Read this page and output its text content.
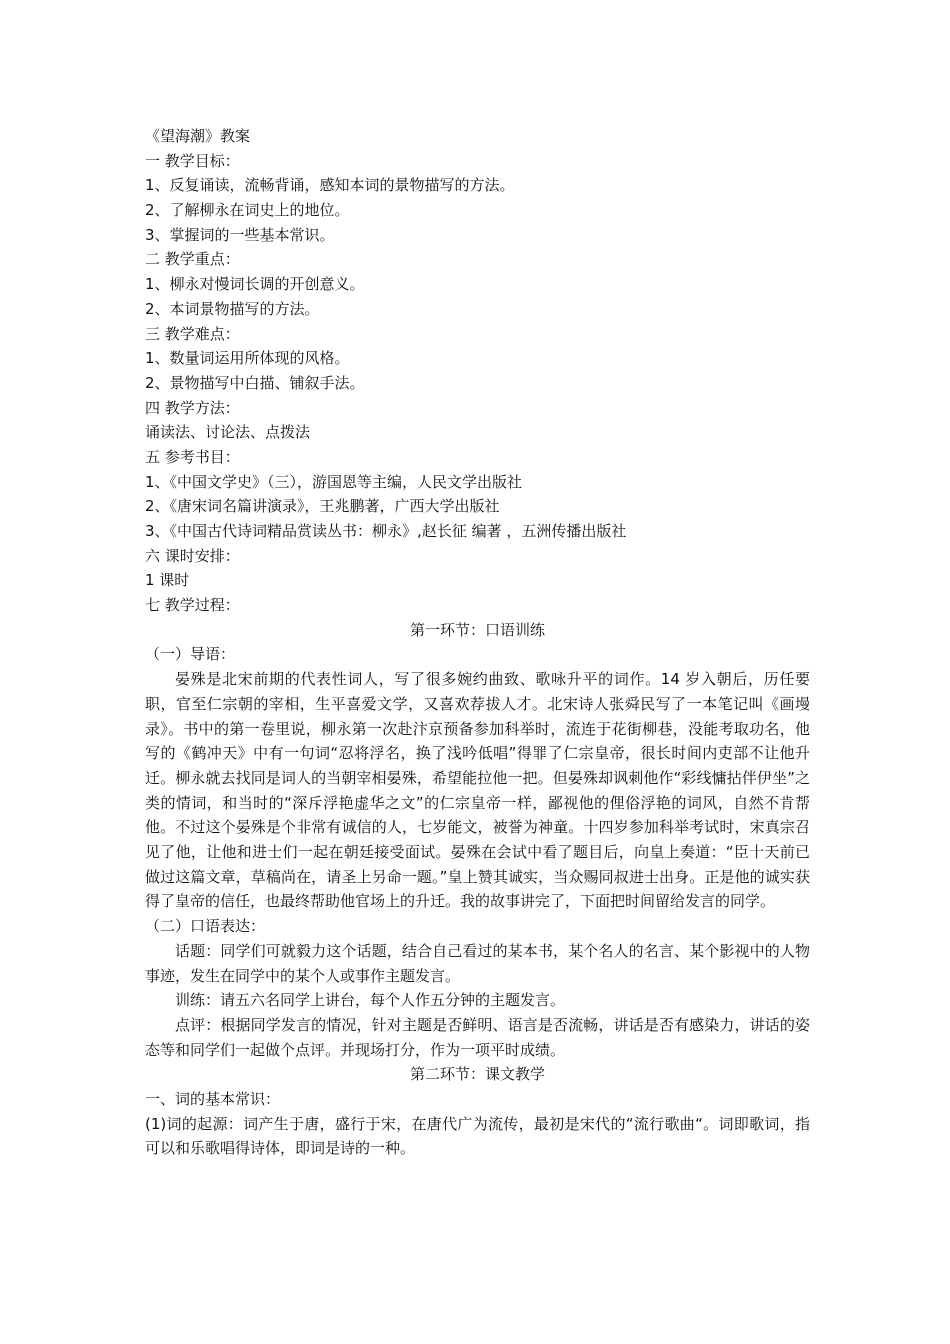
《望海潮》教案
一 教学目标：
1、反复诵读，流畅背诵，感知本词的景物描写的方法。
2、了解柳永在词史上的地位。
3、掌握词的一些基本常识。
二 教学重点：
1、柳永对慢词长调的开创意义。
2、本词景物描写的方法。
三 教学难点：
1、数量词运用所体现的风格。
2、景物描写中白描、铺叙手法。
四 教学方法：
诵读法、讨论法、点拨法
五 参考书目：
1、《中国文学史》（三），游国恩等主编，人民文学出版社
2、《唐宋词名篇讲演录》，王兆鹏著，广西大学出版社
3、《中国古代诗词精品赏读丛书：柳永》,赵长征 编著 ，五洲传播出版社
六 课时安排：
1 课时
七 教学过程：
第一环节：口语训练
（一）导语：

晏殊是北宋前期的代表性词人，写了很多婉约曲致、歌咏升平的词作。14 岁入朝后，历任要职，官至仁宗朝的宰相，生平喜爱文学，又喜欢荐拔人才。北宋诗人张舜民写了一本笔记叫《画墁录》。书中的第一卷里说，柳永第一次赴汴京预备参加科举时，流连于花街柳巷，没能考取功名，他写的《鹤冲天》中有一句词“忍将浮名，换了浅吟低唱”得罪了仁宗皇帝，很长时间内吏部不让他升迁。柳永就去找同是词人的当朝宰相晏殊，希望能拉他一把。但晏殊却讽刺他作“彩线慵拈伴伊坐”之类的情词，和当时的“深斥浮艳虚华之文”的仁宗皇帝一样，鄙视他的俚俗浮艳的词风，自然不肯帮他。不过这个晏殊是个非常有诚信的人，七岁能文，被誉为神童。十四岁参加科举考试时，宋真宗召见了他，让他和进士们一起在朝廷接受面试。晏殊在会试中看了题目后，向皇上奏道：“臣十天前已做过这篇文章，草稿尚在，请圣上另命一题。”皇上赞其诚实，当众赐同叔进士出身。正是他的诚实获得了皇帝的信任，也最终帮助他官场上的升迁。我的故事讲完了，下面把时间留给发言的同学。

（二）口语表达：

话题：同学们可就毅力这个话题，结合自己看过的某本书，某个名人的名言、某个影视中的人物事迹，发生在同学中的某个人或事作主题发言。

训练：请五六名同学上讲台，每个人作五分钟的主题发言。

点评：根据同学发言的情况，针对主题是否鲜明、语言是否流畅，讲话是否有感染力，讲话的姿态等和同学们一起做个点评。并现场打分，作为一项平时成绩。

第二环节：课文教学
一、词的基本常识：

(1)词的起源：词产生于唐，盛行于宋，在唐代广为流传，最初是宋代的“流行歌曲“。词即歌词，指可以和乐歌唱得诗体，即词是诗的一种。
